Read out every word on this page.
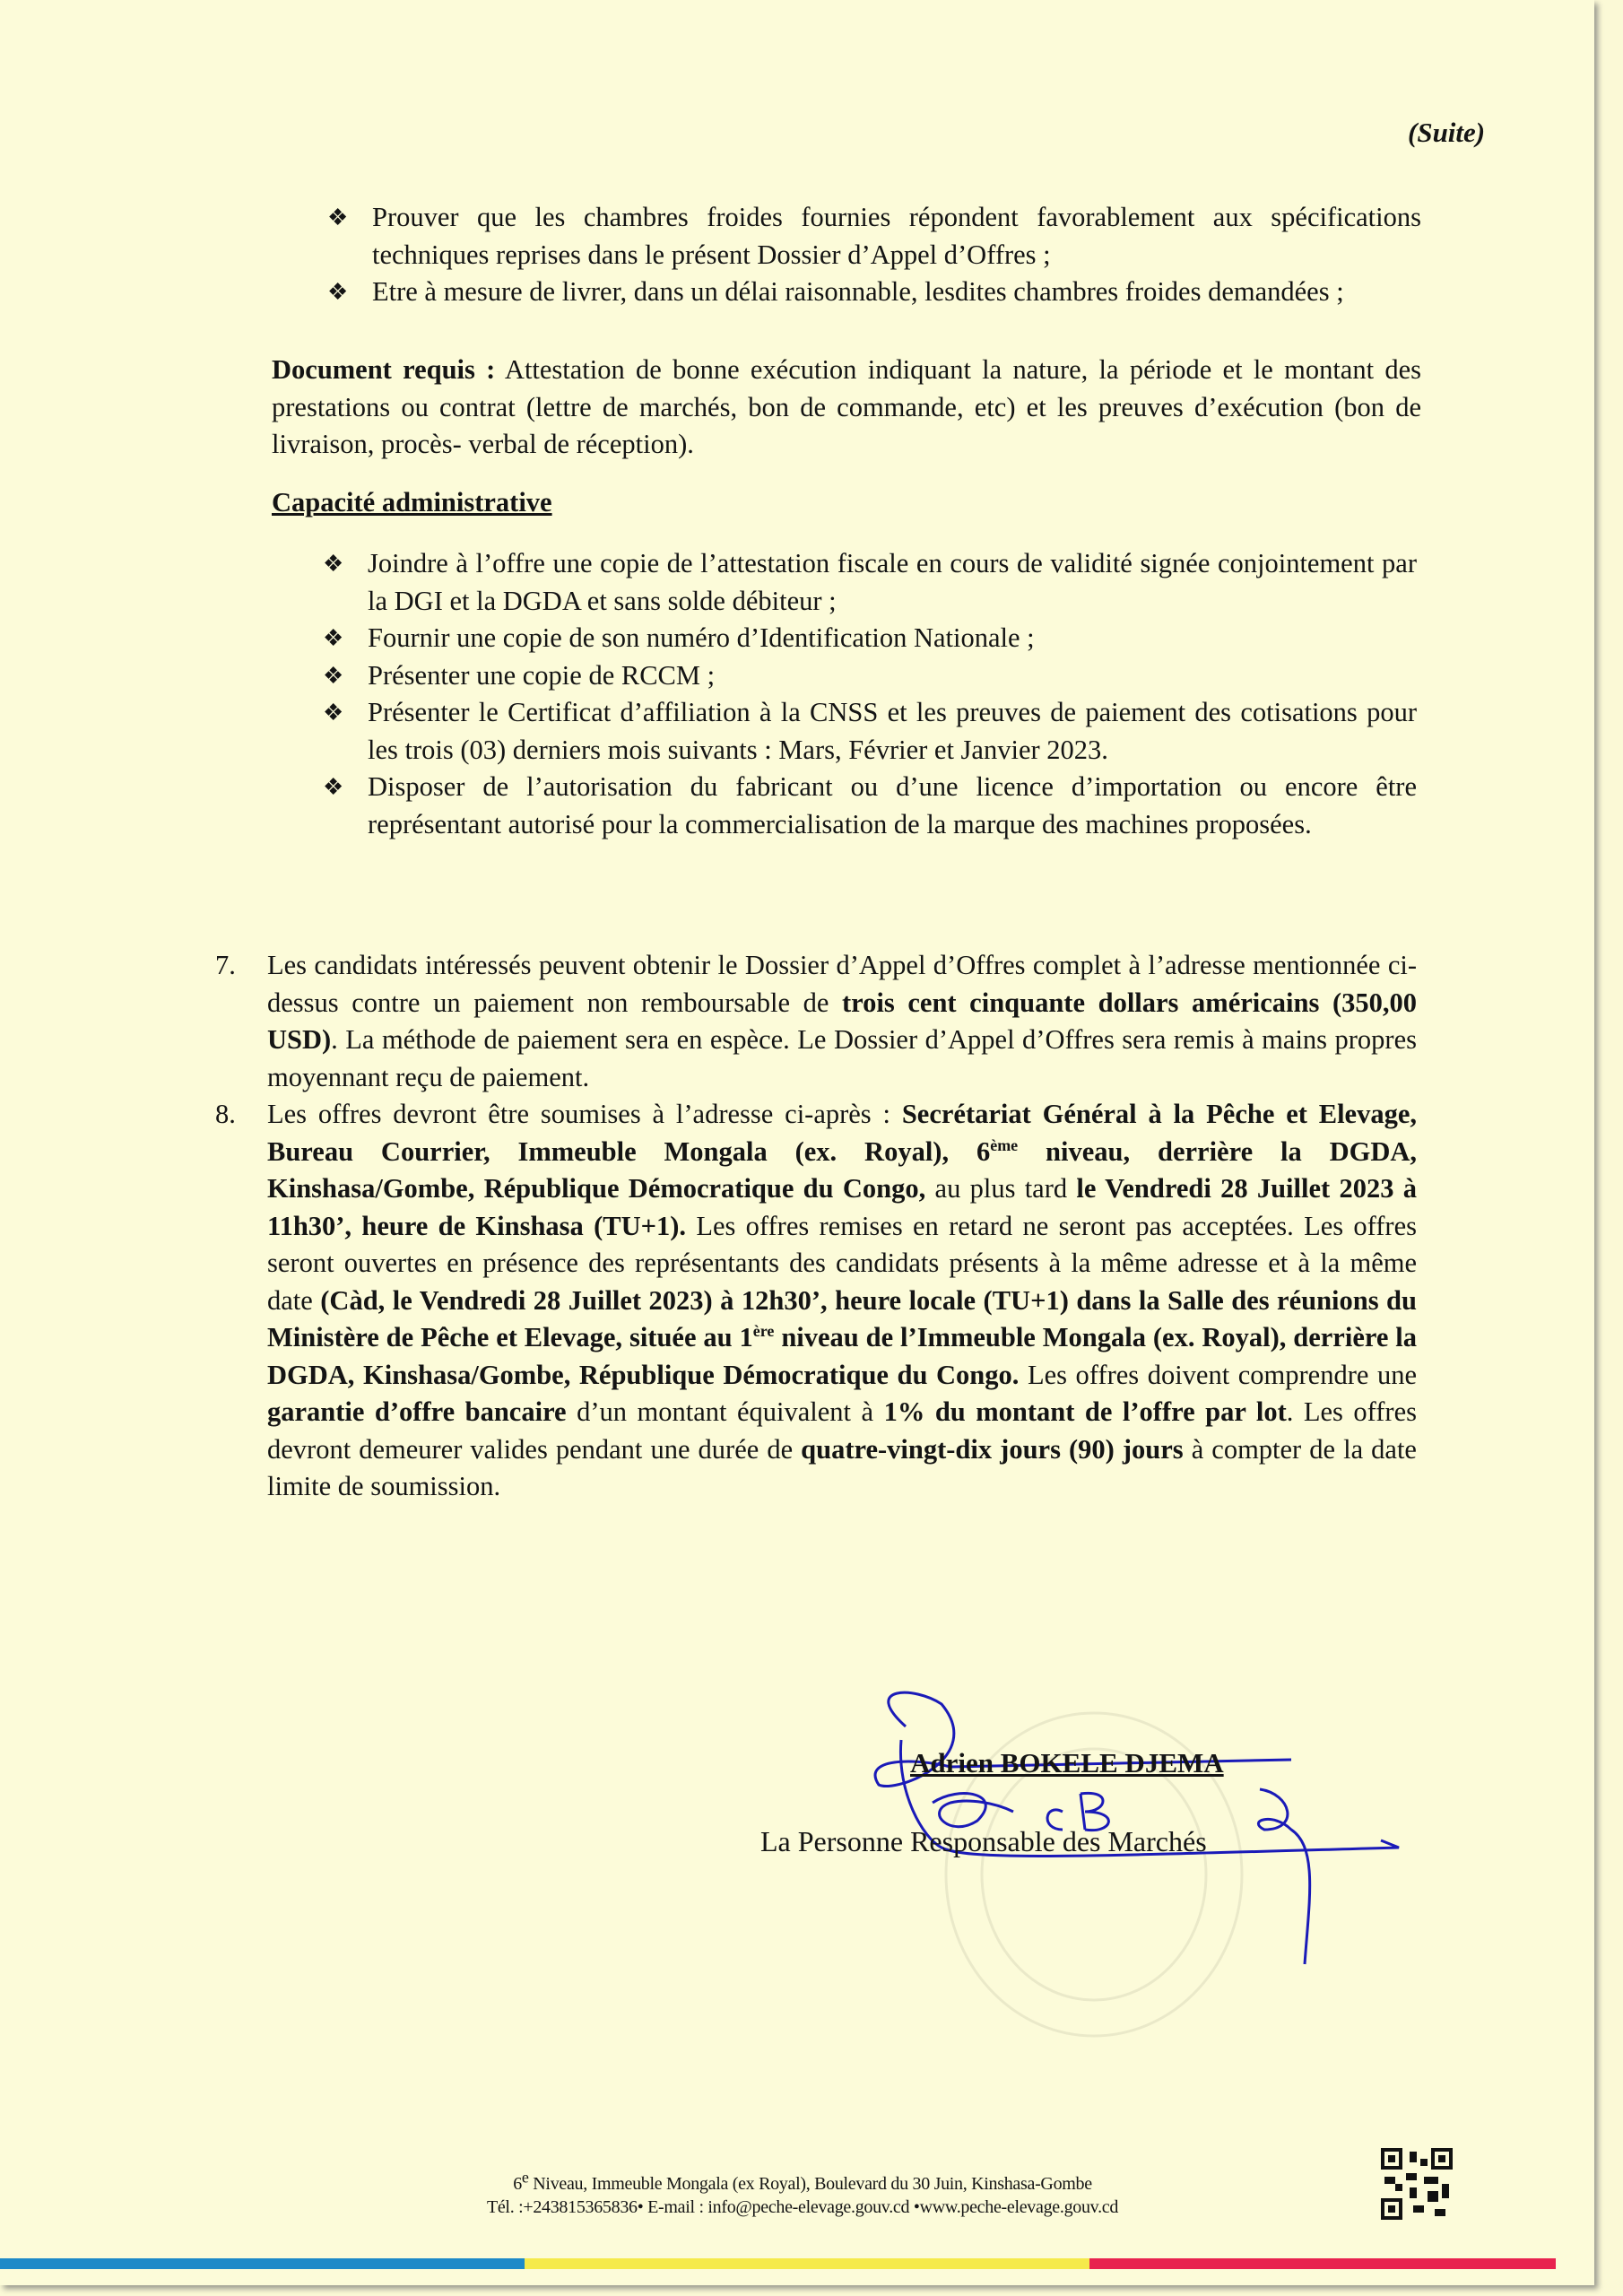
(Suite)
❖ Prouver que les chambres froides fournies répondent favorablement aux spécifications techniques reprises dans le présent Dossier d’Appel d’Offres ;
❖ Etre à mesure de livrer, dans un délai raisonnable, lesdites chambres froides demandées ;
Document requis : Attestation de bonne exécution indiquant la nature, la période et le montant des prestations ou contrat (lettre de marchés, bon de commande, etc) et les preuves d’exécution (bon de livraison, procès- verbal de réception).
Capacité administrative
❖ Joindre à l’offre une copie de l’attestation fiscale en cours de validité signée conjointement par la DGI et la DGDA et sans solde débiteur ;
❖ Fournir une copie de son numéro d’Identification Nationale ;
❖ Présenter une copie de RCCM ;
❖ Présenter le Certificat d’affiliation à la CNSS et les preuves de paiement des cotisations pour les trois (03) derniers mois suivants : Mars, Février et Janvier 2023.
❖ Disposer de l’autorisation du fabricant ou d’une licence d’importation ou encore être représentant autorisé pour la commercialisation de la marque des machines proposées.
7. Les candidats intéressés peuvent obtenir le Dossier d’Appel d’Offres complet à l’adresse mentionnée ci-dessus contre un paiement non remboursable de trois cent cinquante dollars américains (350,00 USD). La méthode de paiement sera en espèce. Le Dossier d’Appel d’Offres sera remis à mains propres moyennant reçu de paiement.
8. Les offres devront être soumises à l’adresse ci-après : Secrétariat Général à la Pêche et Elevage, Bureau Courrier, Immeuble Mongala (ex. Royal), 6ème niveau, derrière la DGDA, Kinshasa/Gombe, République Démocratique du Congo, au plus tard le Vendredi 28 Juillet 2023 à 11h30’, heure de Kinshasa (TU+1). Les offres remises en retard ne seront pas acceptées. Les offres seront ouvertes en présence des représentants des candidats présents à la même adresse et à la même date (Càd, le Vendredi 28 Juillet 2023) à 12h30’, heure locale (TU+1) dans la Salle des réunions du Ministère de Pêche et Elevage, située au 1ère niveau de l’Immeuble Mongala (ex. Royal), derrière la DGDA, Kinshasa/Gombe, République Démocratique du Congo. Les offres doivent comprendre une garantie d’offre bancaire d’un montant équivalent à 1% du montant de l’offre par lot. Les offres devront demeurer valides pendant une durée de quatre-vingt-dix jours (90) jours à compter de la date limite de soumission.
Adrien BOKELE DJEMA
La Personne Responsable des Marchés
6e Niveau, Immeuble Mongala (ex Royal), Boulevard du 30 Juin, Kinshasa-Gombe
Tél. :+243815365836• E-mail : info@peche-elevage.gouv.cd •www.peche-elevage.gouv.cd
